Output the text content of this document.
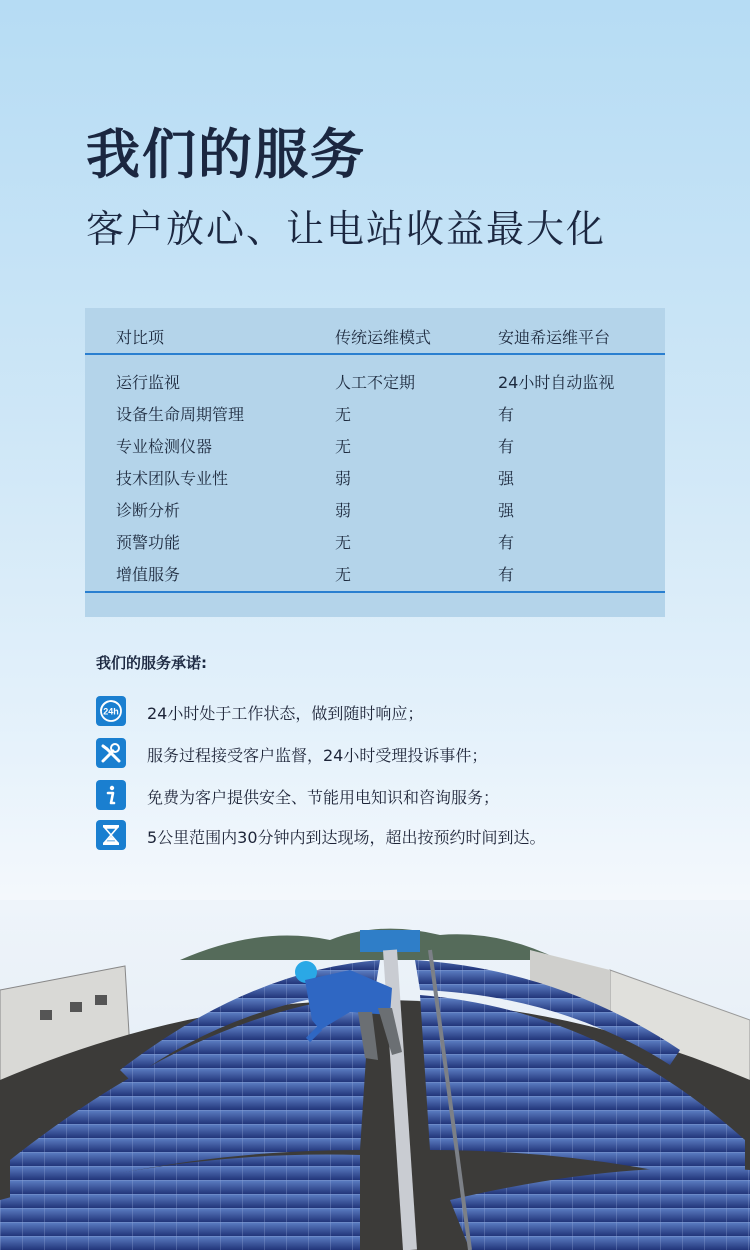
我们的服务
客户放心、让电站收益最大化
对比项	传统运维模式	安迪希运维平台
运行监视	人工不定期	24小时自动监视
设备生命周期管理	无	有
专业检测仪器	无	有
技术团队专业性	弱	强
诊断分析	弱	强
预警功能	无	有
增值服务	无	有
我们的服务承诺:
24h 24小时处于工作状态，做到随时响应；
服务过程接受客户监督，24小时受理投诉事件；
免费为客户提供安全、节能用电知识和咨询服务；
5公里范围内30分钟内到达现场，超出按预约时间到达。
